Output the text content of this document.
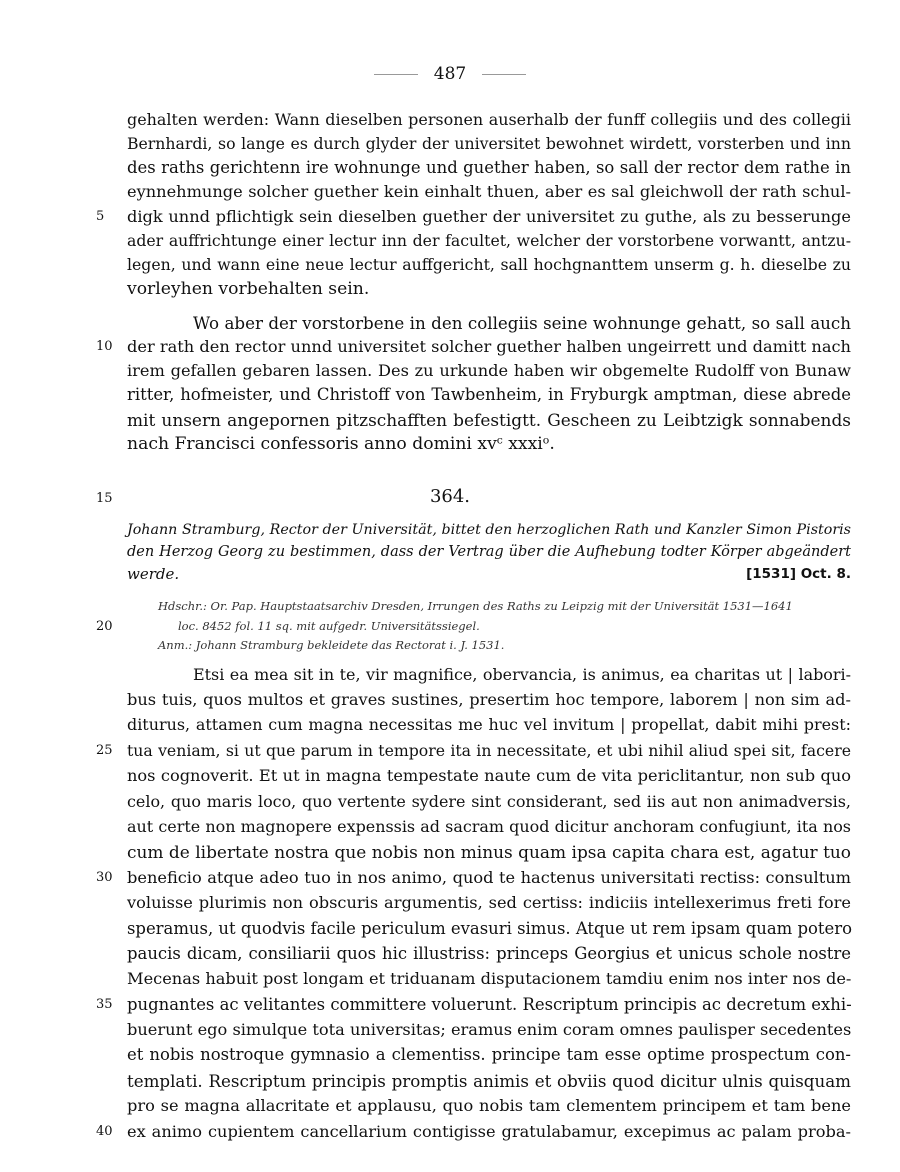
487
gehalten werden: Wann dieselben personen auserhalb der funff collegiis und des collegii
Bernhardi, so lange es durch glyder der universitet bewohnet wirdett, vorsterben und inn
des raths gerichtenn ire wohnunge und guether haben, so sall der rector dem rathe in
eynnehmunge solcher guether kein einhalt thuen, aber es sal gleichwoll der rath schul-
5	digk unnd pflichtigk sein dieselben guether der universitet zu guthe, als zu besserunge
ader auffrichtunge einer lectur inn der facultet, welcher der vorstorbene vorwantt, antzu-
legen, und wann eine neue lectur auffgericht, sall hochgnanttem unserm g. h. dieselbe zu
vorleyhen vorbehalten sein.
Wo aber der vorstorbene in den collegiis seine wohnunge gehatt, so sall auch
10 der rath den rector unnd universitet solcher guether halben ungeirrett und damitt nach
irem gefallen gebaren lassen. Des zu urkunde haben wir obgemelte Rudolff von Bunaw
ritter, hofmeister, und Christoff von Tawbenheim, in Fryburgk amptman, diese abrede
mit unsern angepornen pitzschafften befestigtt. Gescheen zu Leibtzigk sonnabends
nach Francisci confessoris anno domini xvᶜ xxxiᵒ.
15	364.
Johann Stramburg, Rector der Universität, bittet den herzoglichen Rath und Kanzler Simon Pistoris
den Herzog Georg zu bestimmen, dass der Vertrag über die Aufhebung todter Körper abgeändert
werde.	[1531] Oct. 8.
Hdschr.: Or. Pap. Hauptstaatsarchiv Dresden, Irrungen des Raths zu Leipzig mit der Universität 1531—1641
20	loc. 8452 fol. 11 sq. mit aufgedr. Universitätssiegel.
Anm.: Johann Stramburg bekleidete das Rectorat i. J. 1531.
Etsi ea mea sit in te, vir magnifice, obervancia, is animus, ea charitas ut | labori-
bus tuis, quos multos et graves sustines, presertim hoc tempore, laborem | non sim ad-
diturus, attamen cum magna necessitas me huc vel invitum | propellat, dabit mihi prest:
25 tua veniam, si ut que parum in tempore ita in necessitate, et ubi nihil aliud spei sit, facere
nos cognoverit. Et ut in magna tempestate naute cum de vita periclitantur, non sub quo
celo, quo maris loco, quo vertente sydere sint considerant, sed iis aut non animadversis,
aut certe non magnopere expenssis ad sacram quod dicitur anchoram confugiunt, ita nos
cum de libertate nostra que nobis non minus quam ipsa capita chara est, agatur tuo
30 beneficio atque adeo tuo in nos animo, quod te hactenus universitati rectiss: consultum
voluisse plurimis non obscuris argumentis, sed certiss: indiciis intellexerimus freti fore
speramus, ut quodvis facile periculum evasuri simus. Atque ut rem ipsam quam potero
paucis dicam, consiliarii quos hic illustriss: princeps Georgius et unicus schole nostre
Mecenas habuit post longam et triduanam disputacionem tamdiu enim nos inter nos de-
35 pugnantes ac velitantes committere voluerunt. Rescriptum principis ac decretum exhi-
buerunt ego simulque tota universitas; eramus enim coram omnes paulisper secedentes
et nobis nostroque gymnasio a clementiss. principe tam esse optime prospectum con-
templati. Rescriptum principis promptis animis et obviis quod dicitur ulnis quisquam
pro se magna allacritate et applausu, quo nobis tam clementem principem et tam bene
40 ex animo cupientem cancellarium contigisse gratulabamur, excepimus ac palam proba-
